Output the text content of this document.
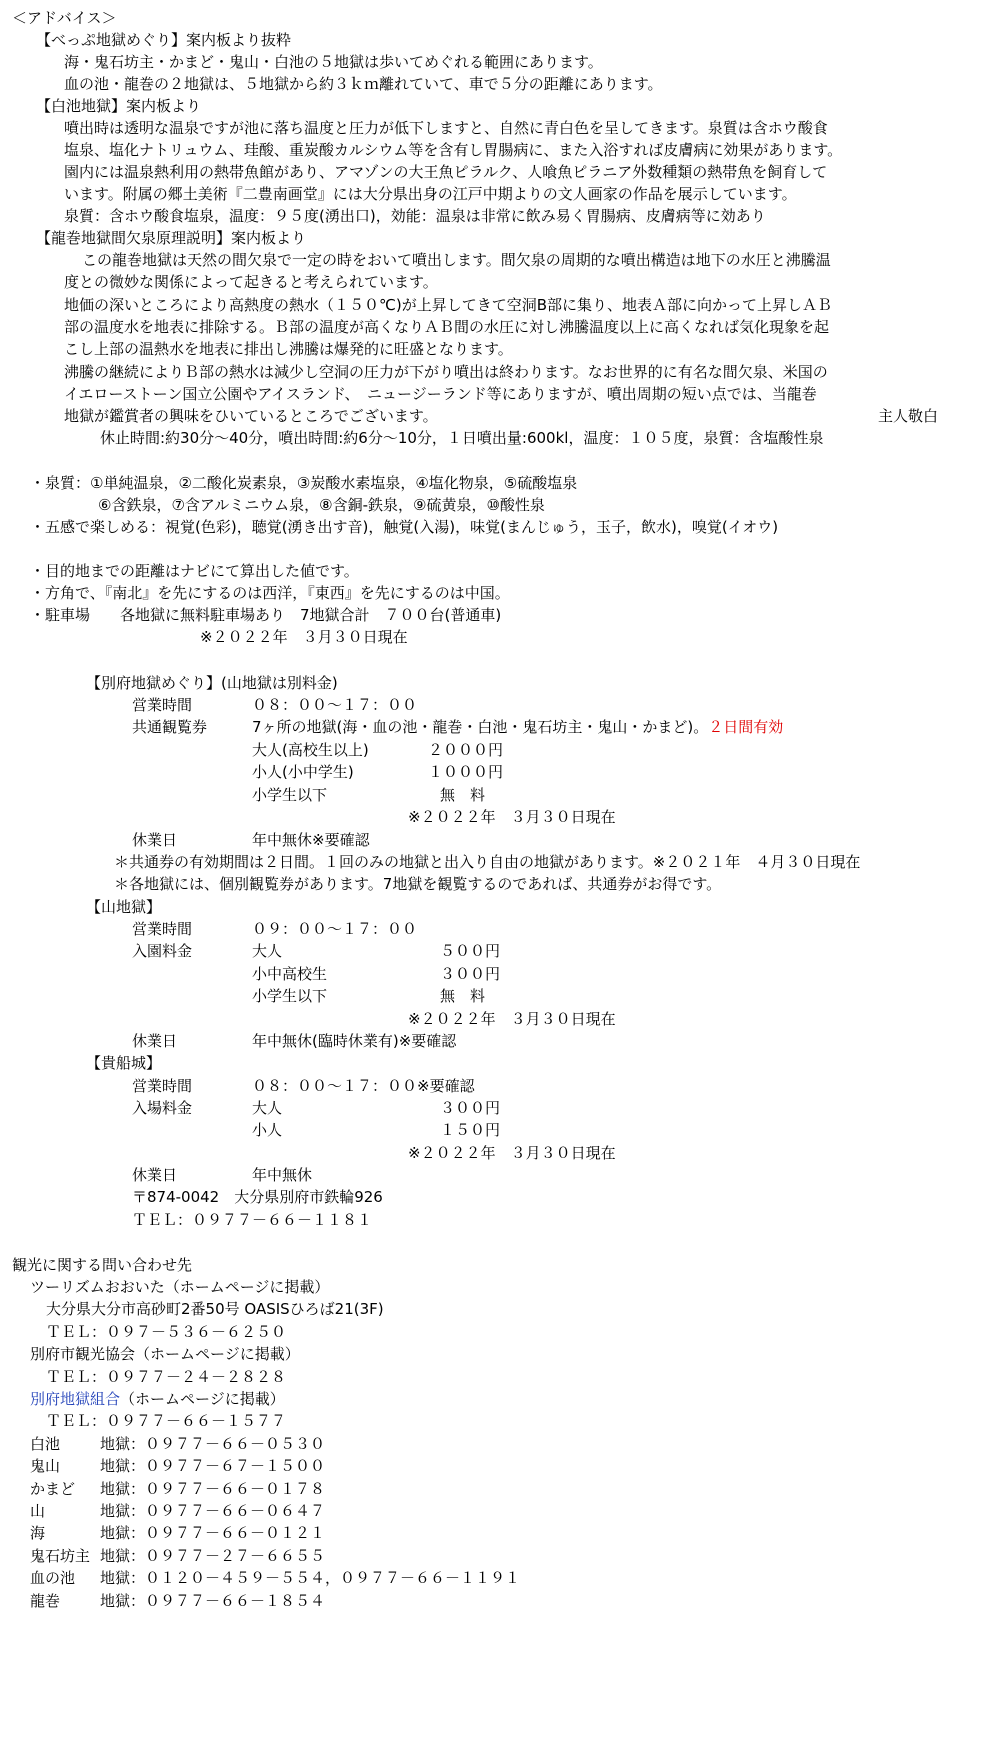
＜アドバイス＞
【べっぷ地獄めぐり】案内板より抜粋
海・鬼石坊主・かまど・鬼山・白池の５地獄は歩いてめぐれる範囲にあります。
血の池・龍巻の２地獄は、５地獄から約３ｋｍ離れていて、車で５分の距離にあります。
【白池地獄】案内板より
噴出時は透明な温泉ですが池に落ち温度と圧力が低下しますと、自然に青白色を呈してきます。泉質は含ホウ酸食
塩泉、塩化ナトリュウム、珪酸、重炭酸カルシウム等を含有し胃腸病に、また入浴すれば皮膚病に効果があります。
園内には温泉熱利用の熱帯魚館があり、アマゾンの大王魚ピラルク、人喰魚ピラニア外数種類の熱帯魚を飼育して
います。附属の郷土美術『二豊南画堂』には大分県出身の江戸中期よりの文人画家の作品を展示しています。
泉質：含ホウ酸食塩泉，温度：９５度(湧出口)，効能：温泉は非常に飲み易く胃腸病、皮膚病等に効あり
【龍巻地獄間欠泉原理説明】案内板より
この龍巻地獄は天然の間欠泉で一定の時をおいて噴出します。間欠泉の周期的な噴出構造は地下の水圧と沸騰温
度との微妙な関係によって起きると考えられています。
地価の深いところにより高熱度の熱水（１５０℃)が上昇してきて空洞B部に集り、地表Ａ部に向かって上昇しＡＢ
部の温度水を地表に排除する。Ｂ部の温度が高くなりＡＢ間の水圧に対し沸騰温度以上に高くなれば気化現象を起
こし上部の温熱水を地表に排出し沸騰は爆発的に旺盛となります。
沸騰の継続によりＢ部の熱水は減少し空洞の圧力が下がり噴出は終わります。なお世界的に有名な間欠泉、米国の
イエローストーン国立公園やアイスランド、　ニュージーランド等にありますが、噴出周期の短い点では、当龍巻
地獄が鑑賞者の興味をひいているところでございます。	主人敬白
休止時間:約30分～40分，噴出時間:約6分～10分，１日噴出量:600kl，温度：１０５度，泉質：含塩酸性泉
・泉質：①単純温泉，②二酸化炭素泉，③炭酸水素塩泉，④塩化物泉，⑤硫酸塩泉
⑥含鉄泉，⑦含アルミニウム泉，⑧含銅-鉄泉，⑨硫黄泉，⑩酸性泉
・五感で楽しめる：視覚(色彩)，聴覚(湧き出す音)，触覚(入湯)，味覚(まんじゅう，玉子，飲水)，嗅覚(イオウ)
・目的地までの距離はナビにて算出した値です。
・方角で、『南北』を先にするのは西洋，『東西』を先にするのは中国。
・駐車場　　各地獄に無料駐車場あり　7地獄合計　７００台(普通車)
※２０２２年　３月３０日現在
【別府地獄めぐり】(山地獄は別料金)
営業時間	０８：００～１７：００
共通観覧券	7ヶ所の地獄(海・血の池・龍巻・白池・鬼石坊主・鬼山・かまど)。２日間有効
大人(高校生以上)	２０００円
小人(小中学生)	１０００円
小学生以下	無　料
※２０２２年　３月３０日現在
休業日	年中無休※要確認
＊共通券の有効期間は２日間。１回のみの地獄と出入り自由の地獄があります。※２０２１年　４月３０日現在
＊各地獄には、個別観覧券があります。7地獄を観覧するのであれば、共通券がお得です。
【山地獄】
営業時間	０９：００～１７：００
入園料金	大人	５００円
小中高校生	３００円
小学生以下	無　料
※２０２２年　３月３０日現在
休業日	年中無休(臨時休業有)※要確認
【貴船城】
営業時間	０８：００～１７：００※要確認
入場料金	大人	３００円
小人	１５０円
※２０２２年　３月３０日現在
休業日	年中無休
〒874-0042　大分県別府市鉄輪926
ＴＥＬ：０９７７－６６－１１８１
観光に関する問い合わせ先
ツーリズムおおいた（ホームページに掲載）
大分県大分市高砂町2番50号 OASISひろば21(3F)
ＴＥＬ：０９７－５３６－６２５０
別府市観光協会（ホームページに掲載）
ＴＥＬ：０９７７－２４－２８２８
別府地獄組合（ホームページに掲載）
ＴＥＬ：０９７７－６６－１５７７
白池	地獄：０９７７－６６－０５３０
鬼山	地獄：０９７７－６７－１５００
かまど 地獄：０９７７－６６－０１７８
山	地獄：０９７７－６６－０６４７
海	地獄：０９７７－６６－０１２１
鬼石坊主 地獄：０９７７－２７－６６５５
血の池 地獄：０１２０－４５９－５５４，０９７７－６６－１１９１
龍巻	地獄：０９７７－６６－１８５４
